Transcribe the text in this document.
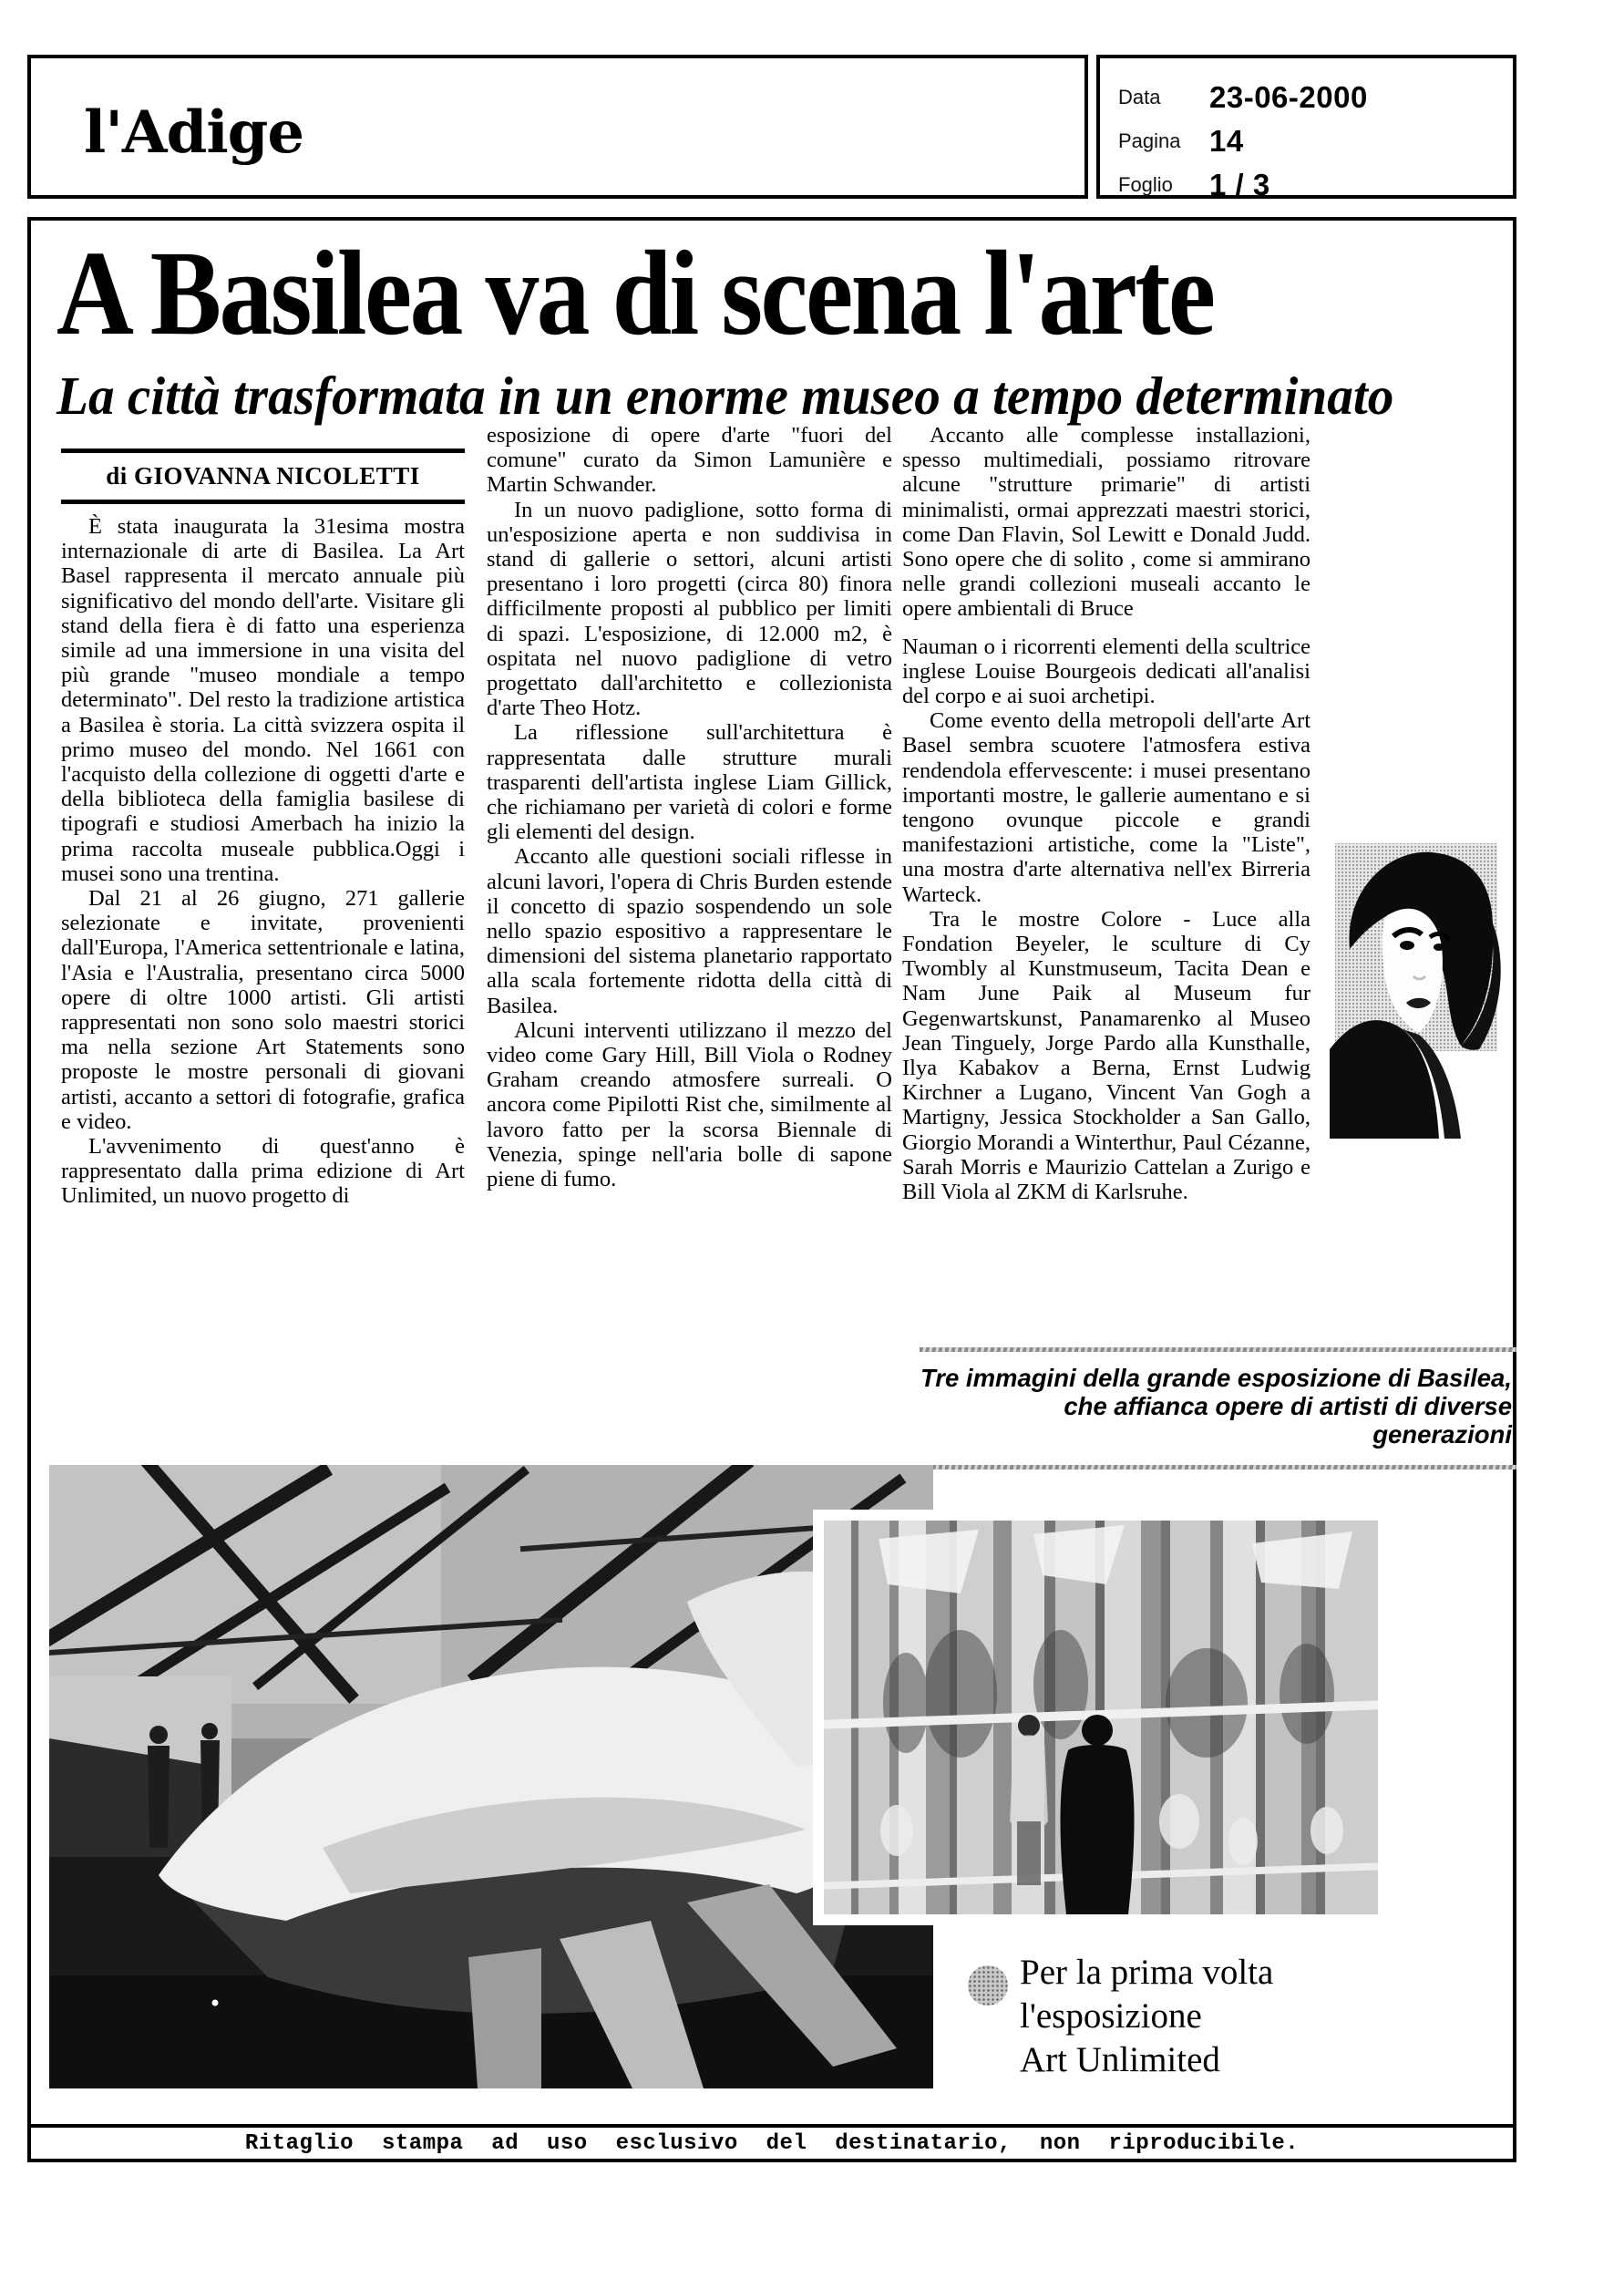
l'Adige
Data 23-06-2000
Pagina 14
Foglio 1 / 3
A Basilea va di scena l'arte
La città trasformata in un enorme museo a tempo determinato
di GIOVANNA NICOLETTI

È stata inaugurata la 31esima mostra internazionale di arte di Basilea. La Art Basel rappresenta il mercato annuale più significativo del mondo dell'arte. Visitare gli stand della fiera è di fatto una esperienza simile ad una immersione in una visita del più grande "museo mondiale a tempo determinato". Del resto la tradizione artistica a Basilea è storia. La città svizzera ospita il primo museo del mondo. Nel 1661 con l'acquisto della collezione di oggetti d'arte e della biblioteca della famiglia basilese di tipografi e studiosi Amerbach ha inizio la prima raccolta museale pubblica.Oggi i musei sono una trentina.

Dal 21 al 26 giugno, 271 gallerie selezionate e invitate, provenienti dall'Europa, l'America settentrionale e latina, l'Asia e l'Australia, presentano circa 5000 opere di oltre 1000 artisti. Gli artisti rappresentati non sono solo maestri storici ma nella sezione Art Statements sono proposte le mostre personali di giovani artisti, accanto a settori di fotografie, grafica e video.

L'avvenimento di quest'anno è rappresentato dalla prima edizione di Art Unlimited, un nuovo progetto di

esposizione di opere d'arte "fuori del comune" curato da Simon Lamunière e Martin Schwander.

In un nuovo padiglione, sotto forma di un'esposizione aperta e non suddivisa in stand di gallerie o settori, alcuni artisti presentano i loro progetti (circa 80) finora difficilmente proposti al pubblico per limiti di spazi. L'esposizione, di 12.000 m2, è ospitata nel nuovo padiglione di vetro progettato dall'architetto e collezionista d'arte Theo Hotz.

La riflessione sull'architettura è rappresentata dalle strutture murali trasparenti dell'artista inglese Liam Gillick, che richiamano per varietà di colori e forme gli elementi del design.

Accanto alle questioni sociali riflesse in alcuni lavori, l'opera di Chris Burden estende il concetto di spazio sospendendo un sole nello spazio espositivo a rappresentare le dimensioni del sistema planetario rapportato alla scala fortemente ridotta della città di Basilea.

Alcuni interventi utilizzano il mezzo del video come Gary Hill, Bill Viola o Rodney Graham creando atmosfere surreali. O ancora come Pipilotti Rist che, similmente al lavoro fatto per la scorsa Biennale di Venezia, spinge nell'aria bolle di sapone piene di fumo.

Accanto alle complesse installazioni, spesso multimediali, possiamo ritrovare alcune "strutture primarie" di artisti minimalisti, ormai apprezzati maestri storici, come Dan Flavin, Sol Lewitt e Donald Judd. Sono opere che di solito , come si ammirano nelle grandi collezioni museali accanto le opere ambientali di Bruce

Nauman o i ricorrenti elementi della scultrice inglese Louise Bourgeois dedicati all'analisi del corpo e ai suoi archetipi.

Come evento della metropoli dell'arte Art Basel sembra scuotere l'atmosfera estiva rendendola effervescente: i musei presentano importanti mostre, le gallerie aumentano e si tengono ovunque piccole e grandi manifestazioni artistiche, come la "Liste", una mostra d'arte alternativa nell'ex Birreria Warteck.

Tra le mostre Colore - Luce alla Fondation Beyeler, le sculture di Cy Twombly al Kunstmuseum, Tacita Dean e Nam June Paik al Museum fur Gegenwartskunst, Panamarenko al Museo Jean Tinguely, Jorge Pardo alla Kunsthalle, Ilya Kabakov a Berna, Ernst Ludwig Kirchner a Lugano, Vincent Van Gogh a Martigny, Jessica Stockholder a San Gallo, Giorgio Morandi a Winterthur, Paul Cézanne, Sarah Morris e Maurizio Cattelan a Zurigo e Bill Viola al ZKM di Karlsruhe.

Tre immagini della grande esposizione di Basilea, che affianca opere di artisti di diverse generazioni
Per la prima volta
l'esposizione
Art Unlimited
Ritaglio stampa ad uso esclusivo del destinatario, non riproducibile.
